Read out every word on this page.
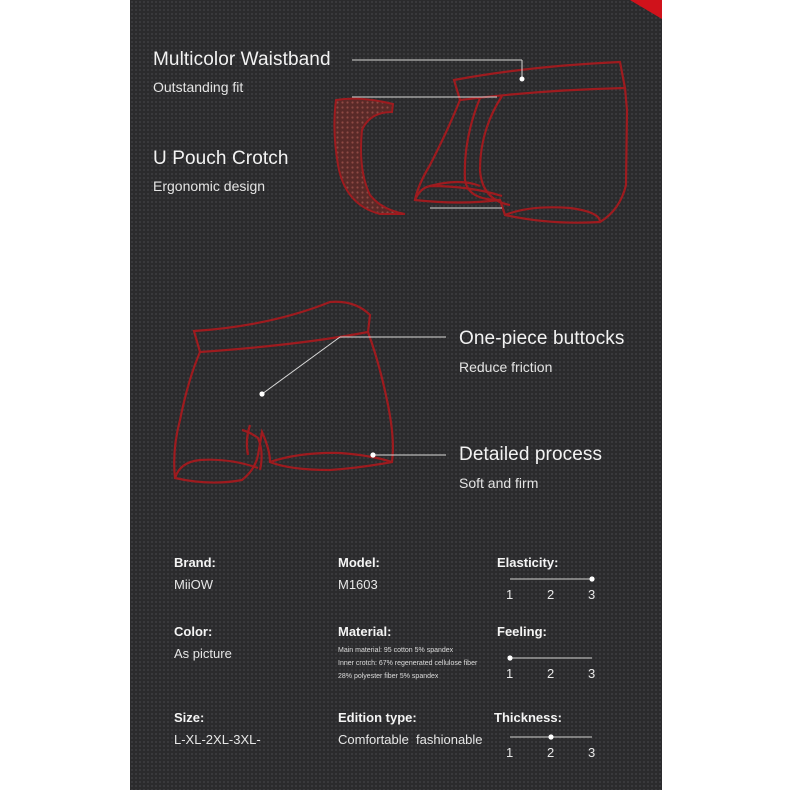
Multicolor Waistband
Outstanding fit
U Pouch Crotch
Ergonomic design
One-piece buttocks
Reduce friction
Detailed process
Soft and firm
Brand:
MiiOW
Color:
As picture
Size:
L-XL-2XL-3XL-
Model:
M1603
Material:
Main material: 95 cotton 5% spandex
Inner crotch: 67% regenerated cellulose fiber
28% polyester fiber 5% spandex
Edition type:
Comfortable  fashionable
Elasticity:
1	2	3
Feeling:
1	2	3
Thickness:
1	2	3
